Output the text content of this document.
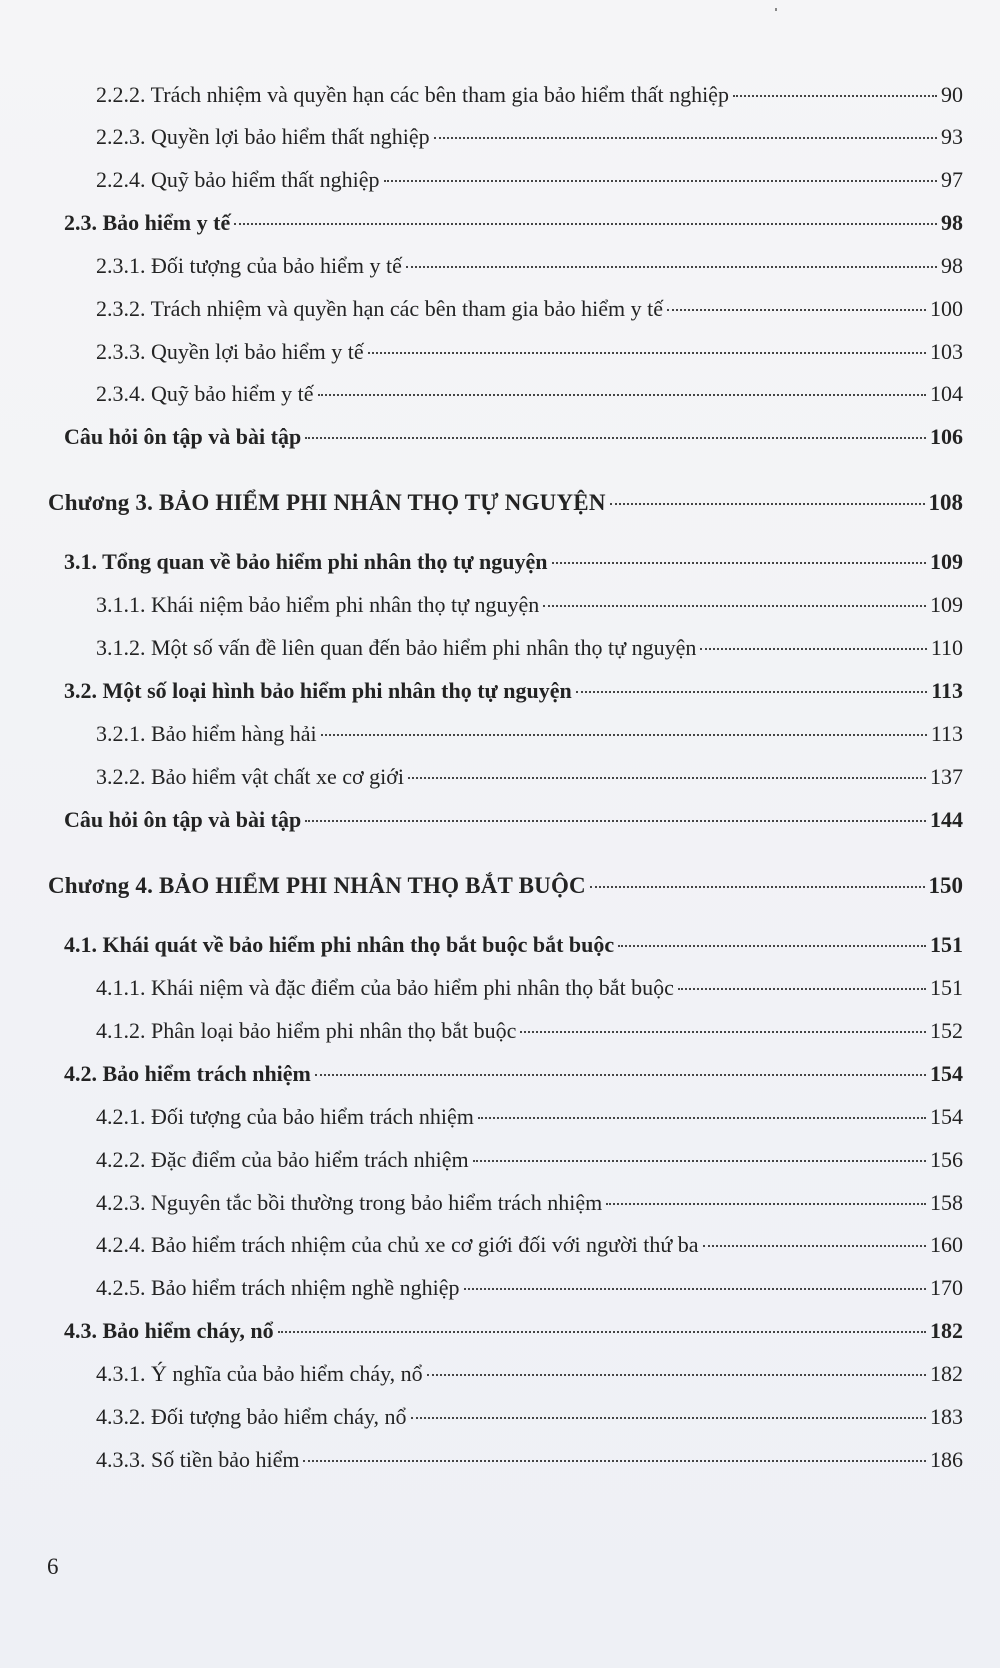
2.2.2. Trách nhiệm và quyền hạn các bên tham gia bảo hiểm thất nghiệp	90
2.2.3. Quyền lợi bảo hiểm thất nghiệp	93
2.2.4. Quỹ bảo hiểm thất nghiệp	97
2.3. Bảo hiểm y tế	98
2.3.1. Đối tượng của bảo hiểm y tế	98
2.3.2. Trách nhiệm và quyền hạn các bên tham gia bảo hiểm y tế	100
2.3.3. Quyền lợi bảo hiểm y tế	103
2.3.4. Quỹ bảo hiểm y tế	104
Câu hỏi ôn tập và bài tập	106
Chương 3. BẢO HIỂM PHI NHÂN THỌ TỰ NGUYỆN	108
3.1. Tổng quan về bảo hiểm phi nhân thọ tự nguyện	109
3.1.1. Khái niệm bảo hiểm phi nhân thọ tự nguyện	109
3.1.2. Một số vấn đề liên quan đến bảo hiểm phi nhân thọ tự nguyện	110
3.2. Một số loại hình bảo hiểm phi nhân thọ tự nguyện	113
3.2.1. Bảo hiểm hàng hải	113
3.2.2. Bảo hiểm vật chất xe cơ giới	137
Câu hỏi ôn tập và bài tập	144
Chương 4. BẢO HIỂM PHI NHÂN THỌ BẮT BUỘC	150
4.1. Khái quát về bảo hiểm phi nhân thọ bắt buộc bắt buộc	151
4.1.1. Khái niệm và đặc điểm của bảo hiểm phi nhân thọ bắt buộc	151
4.1.2. Phân loại bảo hiểm phi nhân thọ bắt buộc	152
4.2. Bảo hiểm trách nhiệm	154
4.2.1. Đối tượng của bảo hiểm trách nhiệm	154
4.2.2. Đặc điểm của bảo hiểm trách nhiệm	156
4.2.3. Nguyên tắc bồi thường trong bảo hiểm trách nhiệm	158
4.2.4. Bảo hiểm trách nhiệm của chủ xe cơ giới đối với người thứ ba	160
4.2.5. Bảo hiểm trách nhiệm nghề nghiệp	170
4.3. Bảo hiểm cháy, nổ	182
4.3.1. Ý nghĩa của bảo hiểm cháy, nổ	182
4.3.2. Đối tượng bảo hiểm cháy, nổ	183
4.3.3. Số tiền bảo hiểm	186
6
